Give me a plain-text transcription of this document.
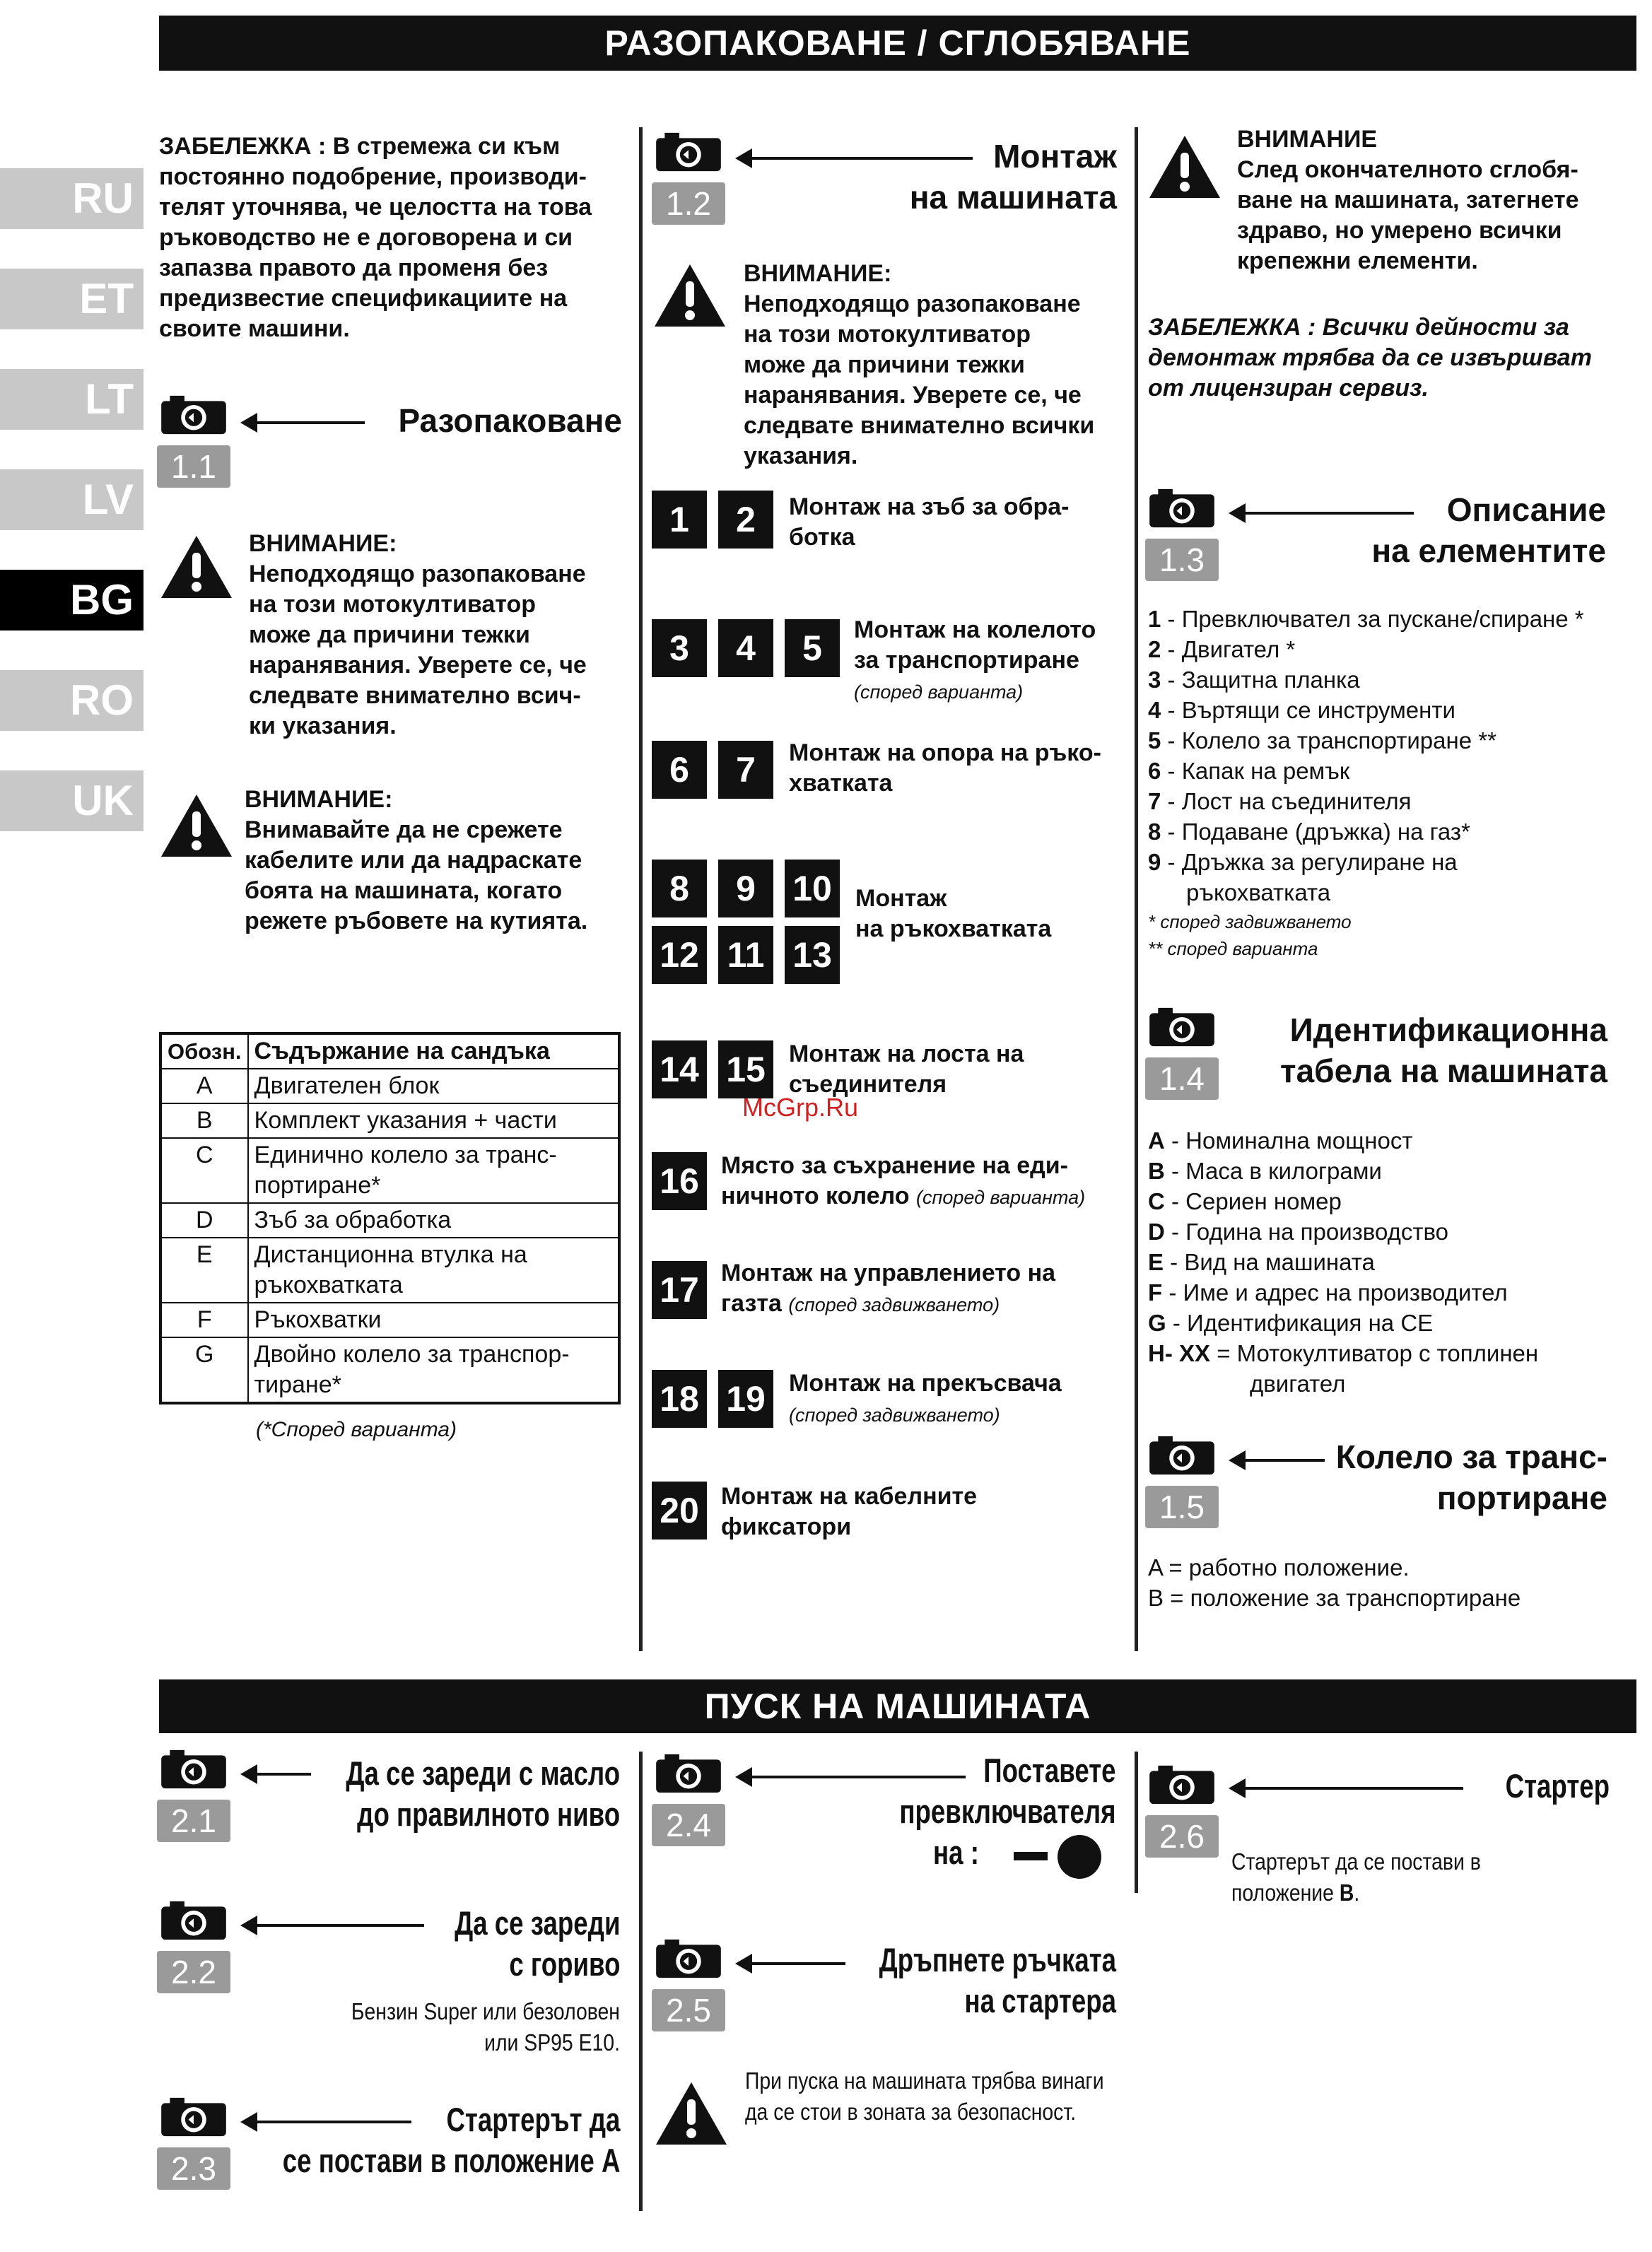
РАЗОПАКОВАНЕ / СГЛОБЯВАНЕ
RU
ET
LT
LV
BG
RO
UK
ЗАБЕЛЕЖКА : В стремежа си към
постоянно подобрение, производи-
телят уточнява, че целостта на това
ръководство не е договорена и си
запазва правото да променя без
предизвестие спецификациите на
своите машини.
1.1
Разопаковане
ВНИМАНИЕ:
Неподходящо разопаковане
на този мотокултиватор
може да причини тежки
наранявания. Уверете се, че
следвате внимателно всич-
ки указания.
ВНИМАНИЕ:
Внимавайте да не срежете
кабелите или да надраскате
боята на машината, когато
режете ръбовете на кутията.
Обозн.	Съдържание на сандъка
A	Двигателен блок
B	Комплект указания + части
C	Единично колело за транс-
портиране*

D	Зъб за обработка
E	Дистанционна втулка на
ръкохватката

F	Ръкохватки
G	Двойно колело за транспор-
тиране*
(*Според варианта)
1.2
Монтаж
на машината
ВНИМАНИЕ:
Неподходящо разопаковане
на този мотокултиватор
може да причини тежки
наранявания. Уверете се, че
следвате внимателно всички
указания.
1	2	Монтаж на зъб за обра-
ботка
3	4	5	Монтаж на колелото
за транспортиране
(според варианта)
6	7	Монтаж на опора на ръко-
хватката
8	9	10
12 11 13
Монтаж
на ръкохватката
14 15 Монтаж на лоста на
съединителя
McGrp.Ru
16 Място за съхранение на еди-
ничното колело (според варианта)
17 Монтаж на управлението на
газта (според задвижването)
18 19 Монтаж на прекъсвача
(според задвижването)
20 Монтаж на кабелните
фиксатори
ВНИМАНИЕ
След окончателното сглобя-
ване на машината, затегнете
здраво, но умерено всички
крепежни елементи.
ЗАБЕЛЕЖКА : Всички дейности за
демонтаж трябва да се извършват
от лицензиран сервиз.
1.3
Описание
на елементите
1 - Превключвател за пускане/спиране *
2 - Двигател *
3 - Защитна планка
4 - Въртящи се инструменти
5 - Колело за транспортиране **
6 - Капак на ремък
7 - Лост на съединителя
8 - Подаване (дръжка) на газ*
9 - Дръжка за регулиране на
ръкохватката
* според задвижването
** според варианта
1.4
Идентификационна
табела на машината
A - Номинална мощност
B - Маса в килограми
C - Сериен номер
D - Година на производство
E - Вид на машината
F - Име и адрес на производител
G - Идентификация на CE
H- XX = Мотокултиватор с топлинен
двигател
1.5
Колело за транс-
портиране
A = работно положение.
B = положение за транспортиране
ПУСК НА МАШИНАТА
2.1
Да се зареди с масло
до правилното ниво
2.2
Да се зареди
с гориво
Бензин Super или безоловен
или SP95 E10.
2.3
Стартерът да
се постави в положение A
2.4
Поставете
превключвателя
на :
2.5
Дръпнете ръчката
на стартера
При пуска на машината трябва винаги
да се стои в зоната за безопасност.
2.6
Стартер
Стартерът да се постави в
положение B.
